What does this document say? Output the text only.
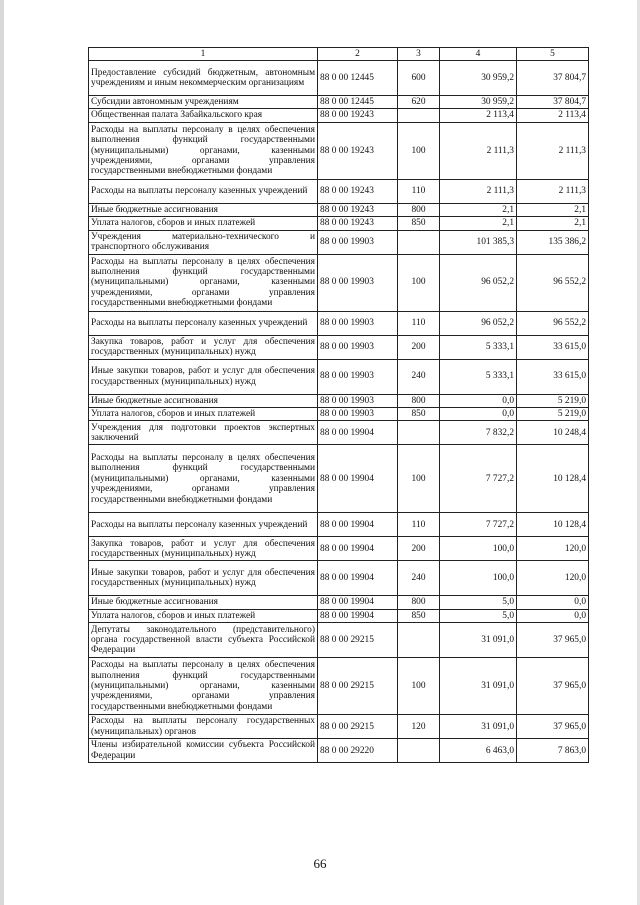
1	2	3	4	5
Предоставление субсидий бюджетным, автономным учреждениям и иным некоммерческим организациям	88 0 00 12445	600	30 959,2	37 804,7
Субсидии автономным учреждениям	88 0 00 12445	620	30 959,2	37 804,7
Общественная палата Забайкальского края	88 0 00 19243		2 113,4	2 113,4
Расходы на выплаты персоналу в целях обеспечения выполнения функций государственными (муниципальными) органами, казенными учреждениями, органами управления государственными внебюджетными фондами	88 0 00 19243	100	2 111,3	2 111,3
Расходы на выплаты персоналу казенных учреждений	88 0 00 19243	110	2 111,3	2 111,3
Иные бюджетные ассигнования	88 0 00 19243	800	2,1	2,1
Уплата налогов, сборов и иных платежей	88 0 00 19243	850	2,1	2,1
Учреждения материально-технического и транспортного обслуживания	88 0 00 19903		101 385,3	135 386,2
Расходы на выплаты персоналу в целях обеспечения выполнения функций государственными (муниципальными) органами, казенными учреждениями, органами управления государственными внебюджетными фондами	88 0 00 19903	100	96 052,2	96 552,2
Расходы на выплаты персоналу казенных учреждений	88 0 00 19903	110	96 052,2	96 552,2
Закупка товаров, работ и услуг для обеспечения государственных (муниципальных) нужд	88 0 00 19903	200	5 333,1	33 615,0
Иные закупки товаров, работ и услуг для обеспечения государственных (муниципальных) нужд	88 0 00 19903	240	5 333,1	33 615,0
Иные бюджетные ассигнования	88 0 00 19903	800	0,0	5 219,0
Уплата налогов, сборов и иных платежей	88 0 00 19903	850	0,0	5 219,0
Учреждения для подготовки проектов экспертных заключений	88 0 00 19904		7 832,2	10 248,4
Расходы на выплаты персоналу в целях обеспечения выполнения функций государственными (муниципальными) органами, казенными учреждениями, органами управления государственными внебюджетными фондами	88 0 00 19904	100	7 727,2	10 128,4
Расходы на выплаты персоналу казенных учреждений	88 0 00 19904	110	7 727,2	10 128,4
Закупка товаров, работ и услуг для обеспечения государственных (муниципальных) нужд	88 0 00 19904	200	100,0	120,0
Иные закупки товаров, работ и услуг для обеспечения государственных (муниципальных) нужд	88 0 00 19904	240	100,0	120,0
Иные бюджетные ассигнования	88 0 00 19904	800	5,0	0,0
Уплата налогов, сборов и иных платежей	88 0 00 19904	850	5,0	0,0
Депутаты законодательного (представительного) органа государственной власти субъекта Российской Федерации	88 0 00 29215		31 091,0	37 965,0
Расходы на выплаты персоналу в целях обеспечения выполнения функций государственными (муниципальными) органами, казенными учреждениями, органами управления государственными внебюджетными фондами	88 0 00 29215	100	31 091,0	37 965,0
Расходы на выплаты персоналу государственных (муниципальных) органов	88 0 00 29215	120	31 091,0	37 965,0
Члены избирательной комиссии субъекта Российской Федерации	88 0 00 29220		6 463,0	7 863,0
66
